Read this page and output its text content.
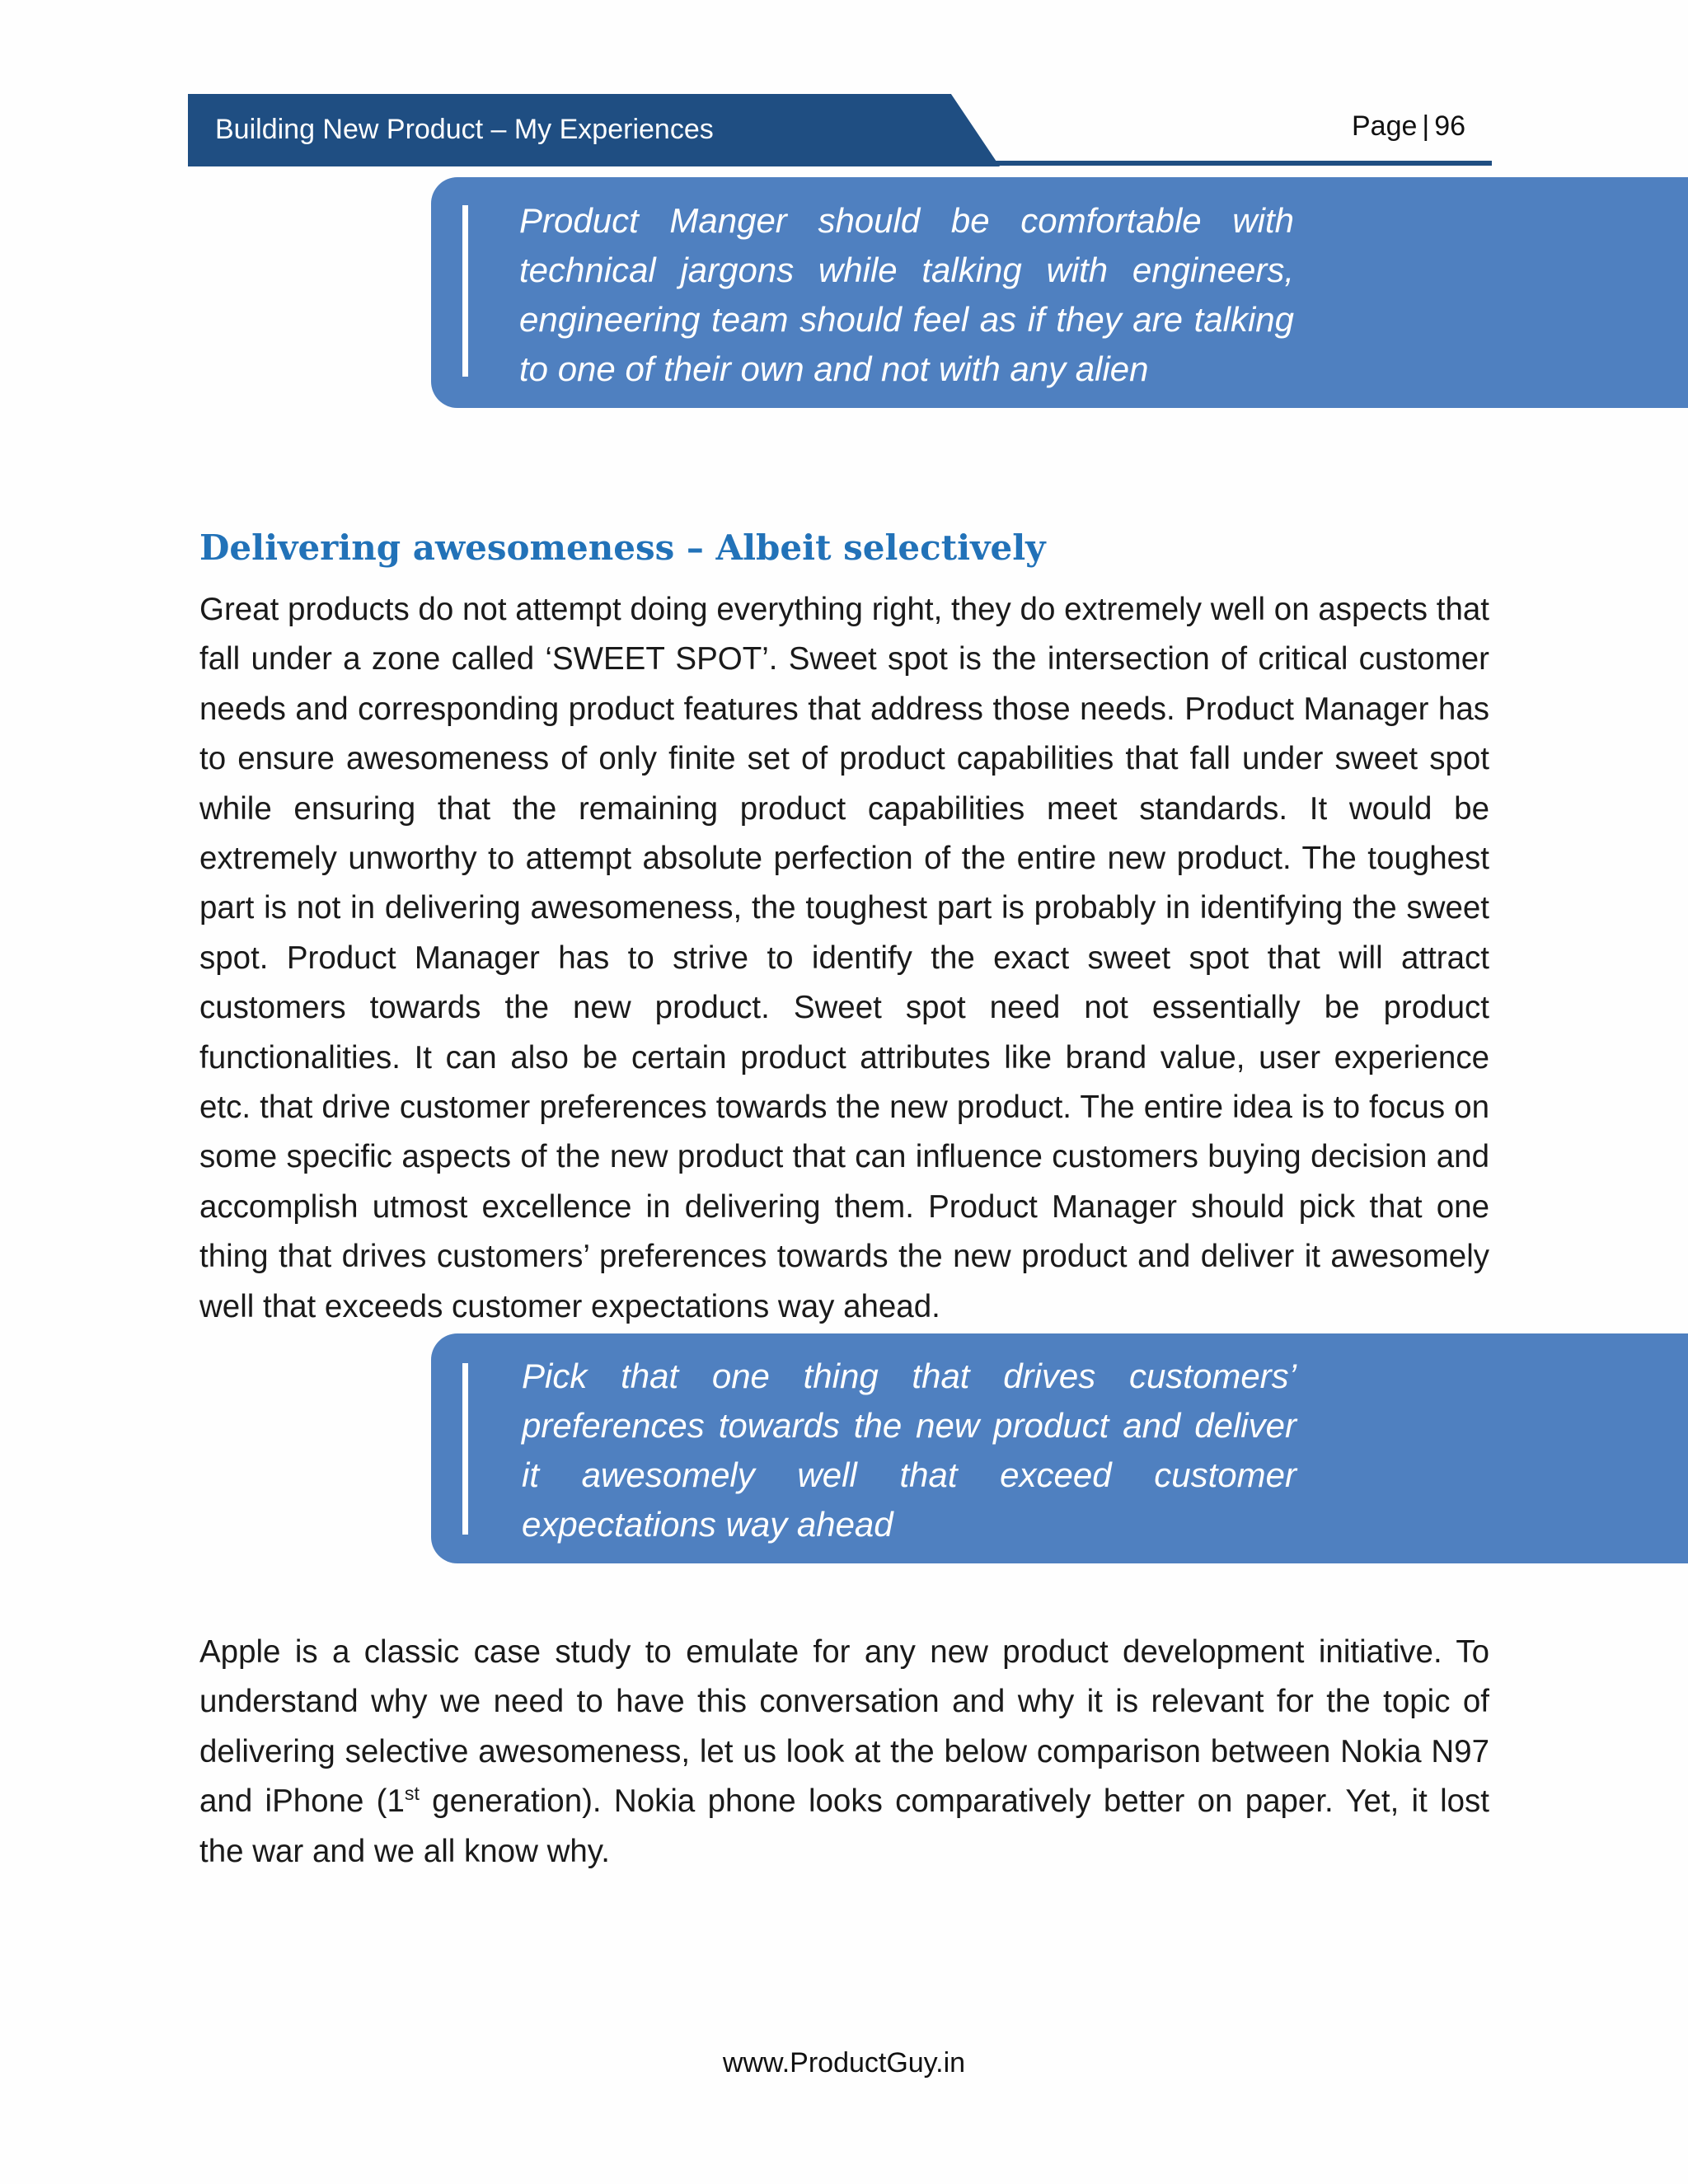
Building New Product – My Experiences	Page | 96
Product Manger should be comfortable with technical jargons while talking with engineers, engineering team should feel as if they are talking to one of their own and not with any alien
Delivering awesomeness – Albeit selectively
Great products do not attempt doing everything right, they do extremely well on aspects that fall under a zone called ‘SWEET SPOT’. Sweet spot is the intersection of critical customer needs and corresponding product features that address those needs. Product Manager has to ensure awesomeness of only finite set of product capabilities that fall under sweet spot while ensuring that the remaining product capabilities meet standards. It would be extremely unworthy to attempt absolute perfection of the entire new product. The toughest part is not in delivering awesomeness, the toughest part is probably in identifying the sweet spot. Product Manager has to strive to identify the exact sweet spot that will attract customers towards the new product. Sweet spot need not essentially be product functionalities. It can also be certain product attributes like brand value, user experience etc. that drive customer preferences towards the new product. The entire idea is to focus on some specific aspects of the new product that can influence customers buying decision and accomplish utmost excellence in delivering them. Product Manager should pick that one thing that drives customers’ preferences towards the new product and deliver it awesomely well that exceeds customer expectations way ahead.
Pick that one thing that drives customers’ preferences towards the new product and deliver it awesomely well that exceed customer expectations way ahead
Apple is a classic case study to emulate for any new product development initiative. To understand why we need to have this conversation and why it is relevant for the topic of delivering selective awesomeness, let us look at the below comparison between Nokia N97 and iPhone (1st generation). Nokia phone looks comparatively better on paper. Yet, it lost the war and we all know why.
www.ProductGuy.in
